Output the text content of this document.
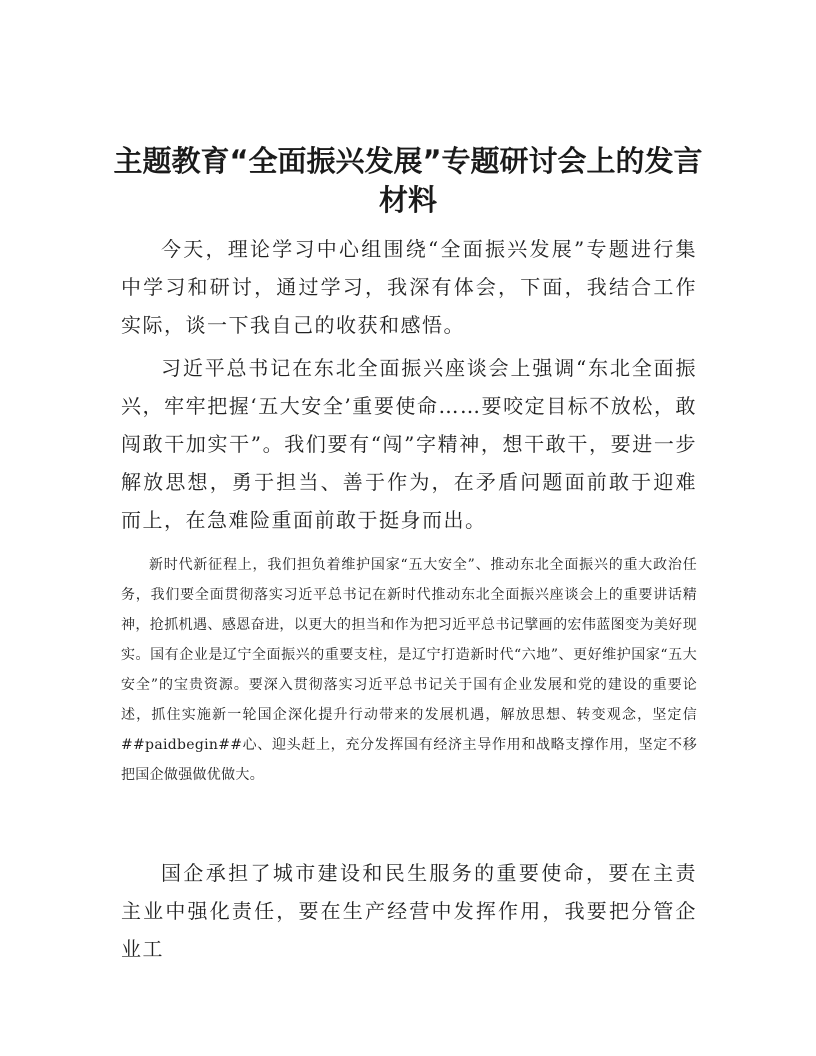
主题教育“全面振兴发展”专题研讨会上的发言材料

今天，理论学习中心组围绕“全面振兴发展”专题进行集中学习和研讨，通过学习，我深有体会，下面，我结合工作实际，谈一下我自己的收获和感悟。

习近平总书记在东北全面振兴座谈会上强调“东北全面振兴，牢牢把握‘五大安全’重要使命……要咬定目标不放松，敢闯敢干加实干”。我们要有“闯”字精神，想干敢干，要进一步解放思想，勇于担当、善于作为，在矛盾问题面前敢于迎难而上，在急难险重面前敢于挺身而出。

新时代新征程上，我们担负着维护国家“五大安全”、推动东北全面振兴的重大政治任务，我们要全面贯彻落实习近平总书记在新时代推动东北全面振兴座谈会上的重要讲话精神，抢抓机遇、感恩奋进，以更大的担当和作为把习近平总书记擘画的宏伟蓝图变为美好现实。国有企业是辽宁全面振兴的重要支柱，是辽宁打造新时代“六地”、更好维护国家“五大安全”的宝贵资源。要深入贯彻落实习近平总书记关于国有企业发展和党的建设的重要论述，抓住实施新一轮国企深化提升行动带来的发展机遇，解放思想、转变观念，坚定信##paidbegin##心、迎头赶上，充分发挥国有经济主导作用和战略支撑作用，坚定不移把国企做强做优做大。

国企承担了城市建设和民生服务的重要使命，要在主责主业中强化责任，要在生产经营中发挥作用，我要把分管企业工
